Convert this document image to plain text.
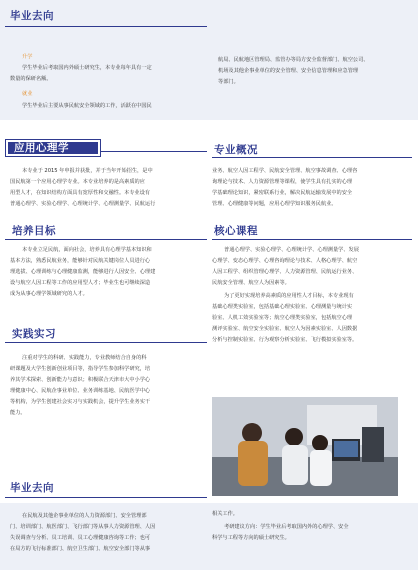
毕业去向
升学

学生毕业后考取国内外硕士研究生，本专业每年具有一定

数量的保研名额。

就业

学生毕业后主要从事民航安全领域的工作，活跃在中国民

航局、民航地区管理局、监管办等局方安全监督部门、航空公司、

机场及其他企事业单位的安全管理、安全信息管理和应急管理

等部门。

应用心理学

本专业于 2015 年申报并获批，并于当年开始招生，是中

国民航第一个应用心理学专业。本专业培养的是高素质的应

用型人才，在知识结构方面具有宽厚性和交融性。本专业设有

普通心理学、实验心理学、心理统计学、心理测量学、民航运行

专业概况

业务、航空人因工程学、民航安全管理、航空事故调查、心理咨

询理论与技术、人力资源管理等课程，使学生具有扎实的心理

学基础理论知识，紧密联系行业，解决民航运输发展中的安全

管理、心理健康等问题，应用心理学知识服务民航业。

培养目标

本专业立足民航，面向社会，培养具有心理学基本知识和

基本方法，熟悉民航业务，能够针对民航关键岗位人员进行心

理选拔、心理训练与心理健康监测，能够进行人因安全、心理建

设与航空人因工程等工作的应用型人才；毕业生也可继续深造

成为从事心理学领域研究的人才。

核心课程

普通心理学、实验心理学、心理统计学、心理测量学、发展

心理学、变态心理学、心理咨询理论与技术、人格心理学、航空

人因工程学、组织管理心理学、人力资源管理、民航运行业务、

民航安全管理、航空人为因素等。

为了更好实现培养高素质的应用性人才目标，本专业现有

基础心理类实验室，包括基础心理实验室、心理测量与统计实

验室、人机工效实验室等；航空心理类实验室，包括航空心理

测评实验室、航空安全实验室、航空人为因素实验室、人因数据

分析与控制实验室、行为观察分析实验室、飞行模拟实验室等。

实践实习

注重对学生的科研、实践能力，专业教师结合自身的科

研课题及大学生创新创业项目等，指导学生参加科学研究，培

养其学术探索、创新能力与意识；积极联合天津市大中小学心

理健康中心、民航企事业单位、业务训练基地、民航医学中心

等机构，为学生创建社会实习与实践机会，提升学生业务实干

能力。

毕业去向

在民航及其他企事业单位的人力资源部门、安全管理部

门、培训部门、航医部门、飞行部门等从事人力资源管理、人因

失误调查与分析、员工培训、员工心理健康咨询等工作；也可

在局方的飞行标准部门、航空卫生部门、航空安全部门等从事

相关工作。

考研建议方向：学生毕业后考取国内外的心理学、安全

科学与工程等方向的硕士研究生。
